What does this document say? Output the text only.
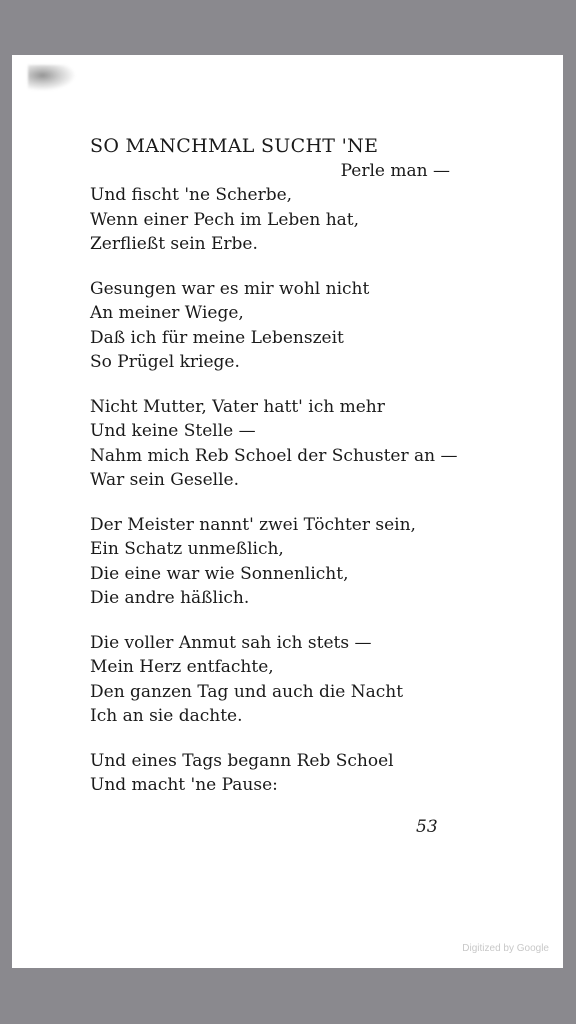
SO MANCHMAL SUCHT 'NE
Perle man —
Und fischt 'ne Scherbe,
Wenn einer Pech im Leben hat,
Zerfließt sein Erbe.
Gesungen war es mir wohl nicht
An meiner Wiege,
Daß ich für meine Lebenszeit
So Prügel kriege.
Nicht Mutter, Vater hatt' ich mehr
Und keine Stelle —
Nahm mich Reb Schoel der Schuster an —
War sein Geselle.
Der Meister nannt' zwei Töchter sein,
Ein Schatz unmeßlich,
Die eine war wie Sonnenlicht,
Die andre häßlich.
Die voller Anmut sah ich stets —
Mein Herz entfachte,
Den ganzen Tag und auch die Nacht
Ich an sie dachte.
Und eines Tags begann Reb Schoel
Und macht 'ne Pause:
53
Digitized by Google
